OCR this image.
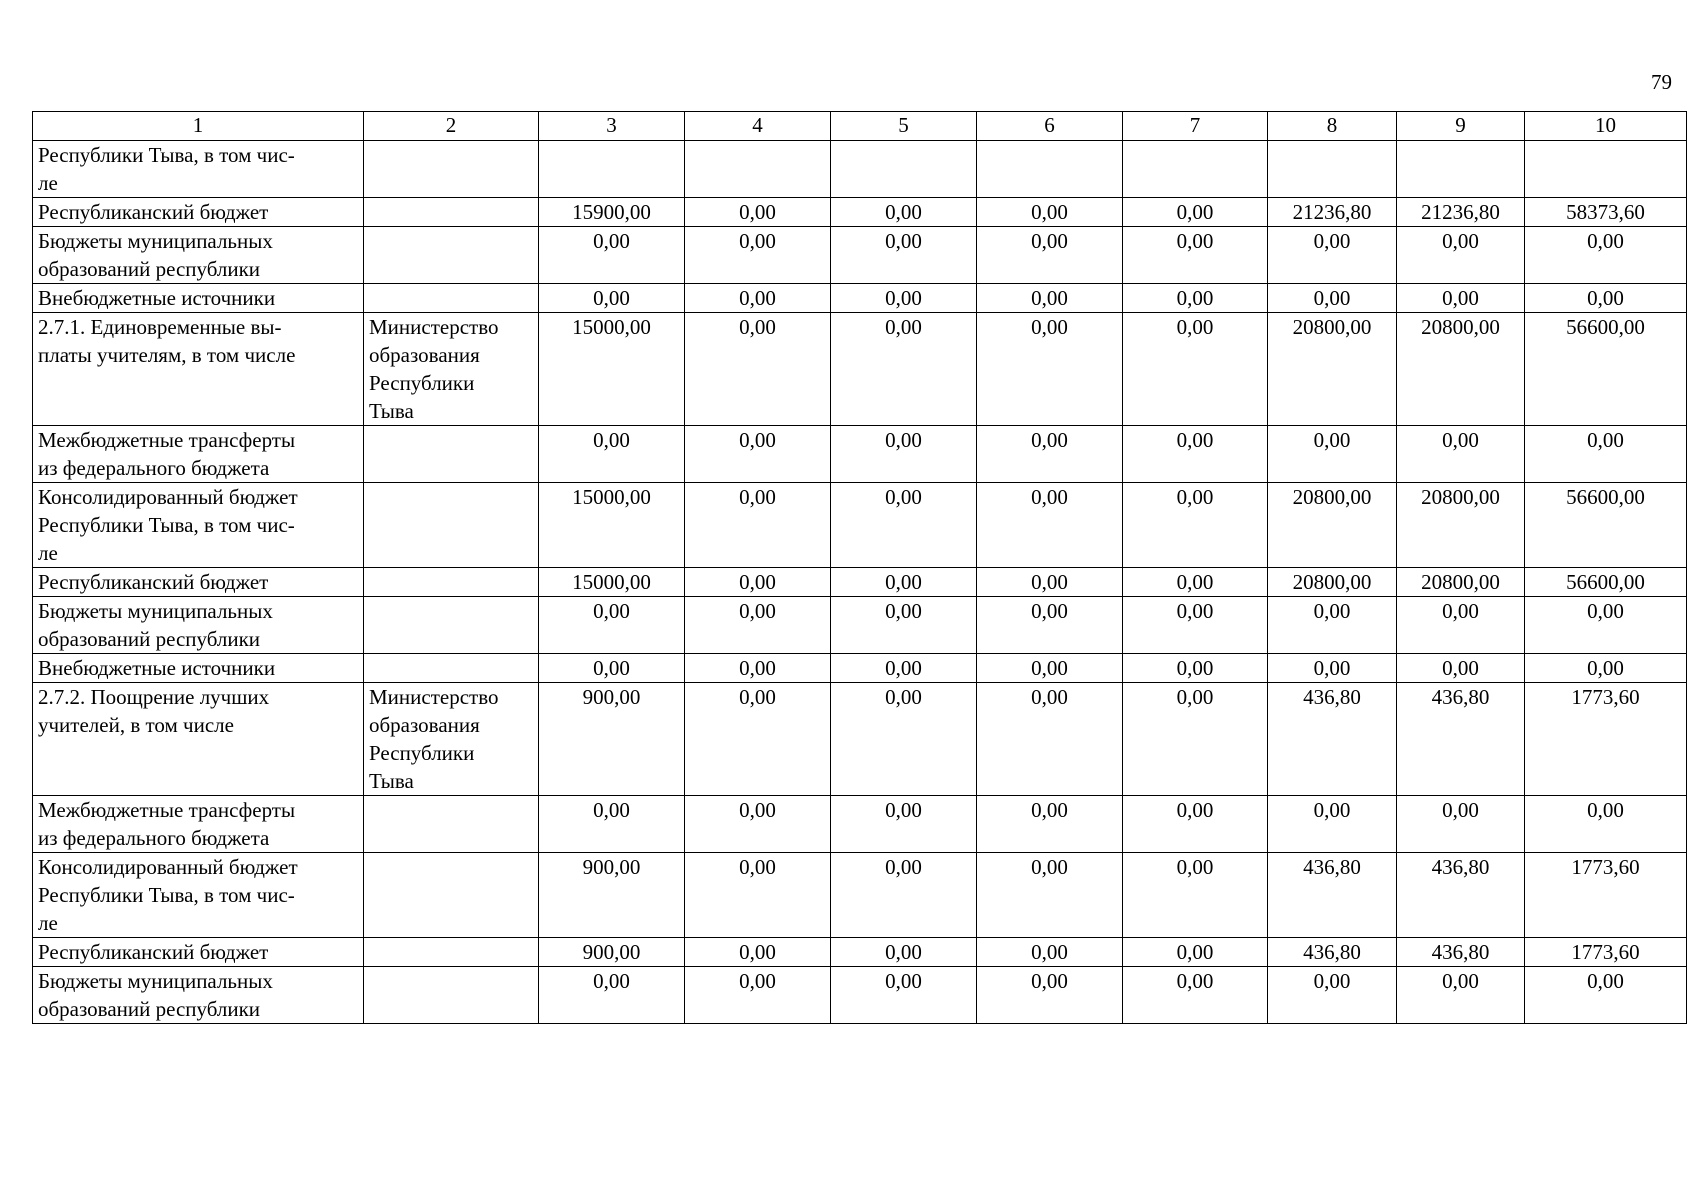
79
1	2	3	4	5	6	7	8	9	10
Республики Тыва, в том чис-
ле									
Республиканский бюджет		15900,00	0,00	0,00	0,00	0,00	21236,80	21236,80	58373,60
Бюджеты муниципальных
образований республики		0,00	0,00	0,00	0,00	0,00	0,00	0,00	0,00
Внебюджетные источники		0,00	0,00	0,00	0,00	0,00	0,00	0,00	0,00
2.7.1. Единовременные вы-
платы учителям, в том числе	Министерство
образования
Республики
Тыва	15000,00	0,00	0,00	0,00	0,00	20800,00	20800,00	56600,00
Межбюджетные трансферты
из федерального бюджета		0,00	0,00	0,00	0,00	0,00	0,00	0,00	0,00
Консолидированный бюджет
Республики Тыва, в том чис-
ле		15000,00	0,00	0,00	0,00	0,00	20800,00	20800,00	56600,00
Республиканский бюджет		15000,00	0,00	0,00	0,00	0,00	20800,00	20800,00	56600,00
Бюджеты муниципальных
образований республики		0,00	0,00	0,00	0,00	0,00	0,00	0,00	0,00
Внебюджетные источники		0,00	0,00	0,00	0,00	0,00	0,00	0,00	0,00
2.7.2. Поощрение лучших
учителей, в том числе	Министерство
образования
Республики
Тыва	900,00	0,00	0,00	0,00	0,00	436,80	436,80	1773,60
Межбюджетные трансферты
из федерального бюджета		0,00	0,00	0,00	0,00	0,00	0,00	0,00	0,00
Консолидированный бюджет
Республики Тыва, в том чис-
ле		900,00	0,00	0,00	0,00	0,00	436,80	436,80	1773,60
Республиканский бюджет		900,00	0,00	0,00	0,00	0,00	436,80	436,80	1773,60
Бюджеты муниципальных
образований республики		0,00	0,00	0,00	0,00	0,00	0,00	0,00	0,00
